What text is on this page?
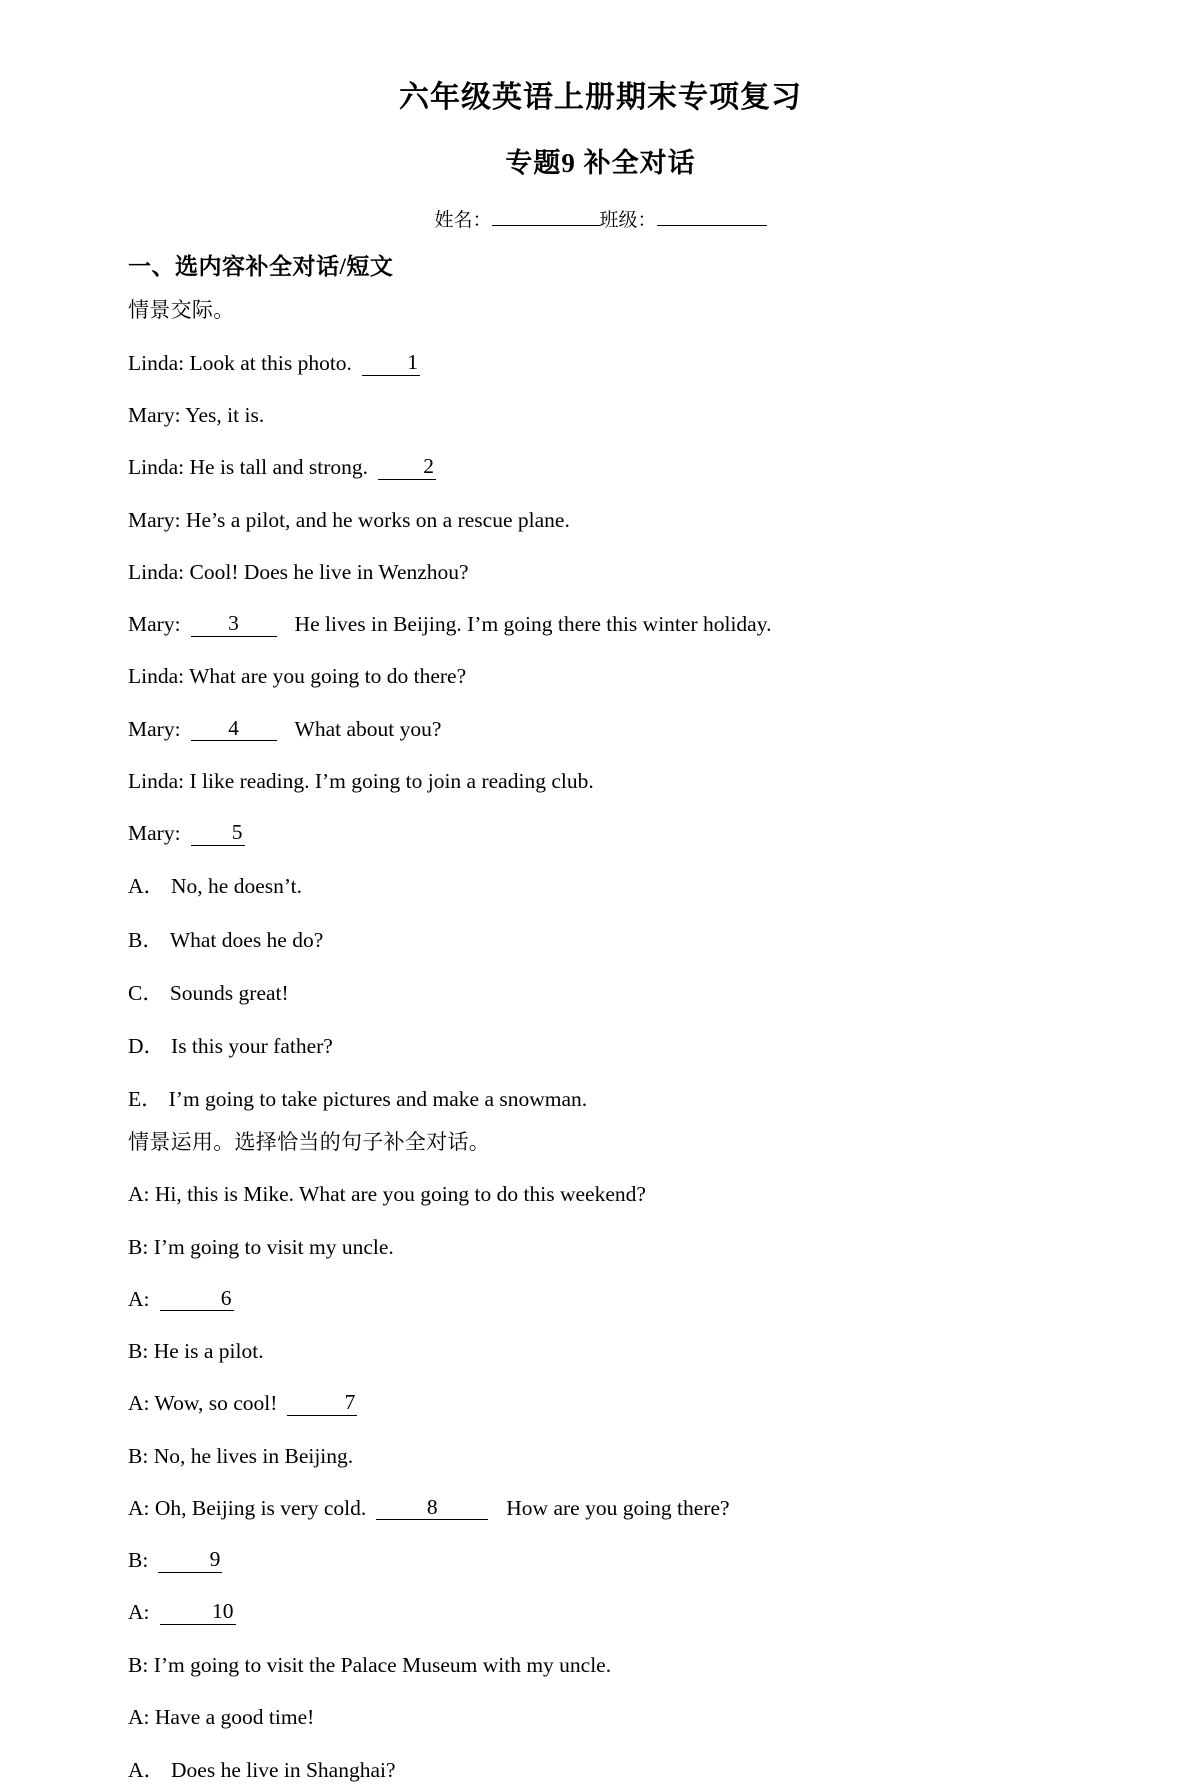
六年级英语上册期末专项复习
专题9 补全对话
姓名：	班级：
一、选内容补全对话/短文
情景交际。
Linda: Look at this photo.	1
Mary: Yes, it is.
Linda: He is tall and strong.	2
Mary: He’s a pilot, and he works on a rescue plane.
Linda: Cool! Does he live in Wenzhou?
Mary: 3	He lives in Beijing. I’m going there this winter holiday.
Linda: What are you going to do there?
Mary: 4	What about you?
Linda: I like reading. I’m going to join a reading club.
Mary: 5
A． No, he doesn’t.
B． What does he do?
C． Sounds great!
D． Is this your father?
E． I’m going to take pictures and make a snowman.
情景运用。选择恰当的句子补全对话。
A: Hi, this is Mike. What are you going to do this weekend?
B: I’m going to visit my uncle.
A:	6
B: He is a pilot.
A: Wow, so cool!	7
B: No, he lives in Beijing.
A: Oh, Beijing is very cold.	8	How are you going there?
B:	9
A:	10
B: I’m going to visit the Palace Museum with my uncle.
A: Have a good time!
A． Does he live in Shanghai?
